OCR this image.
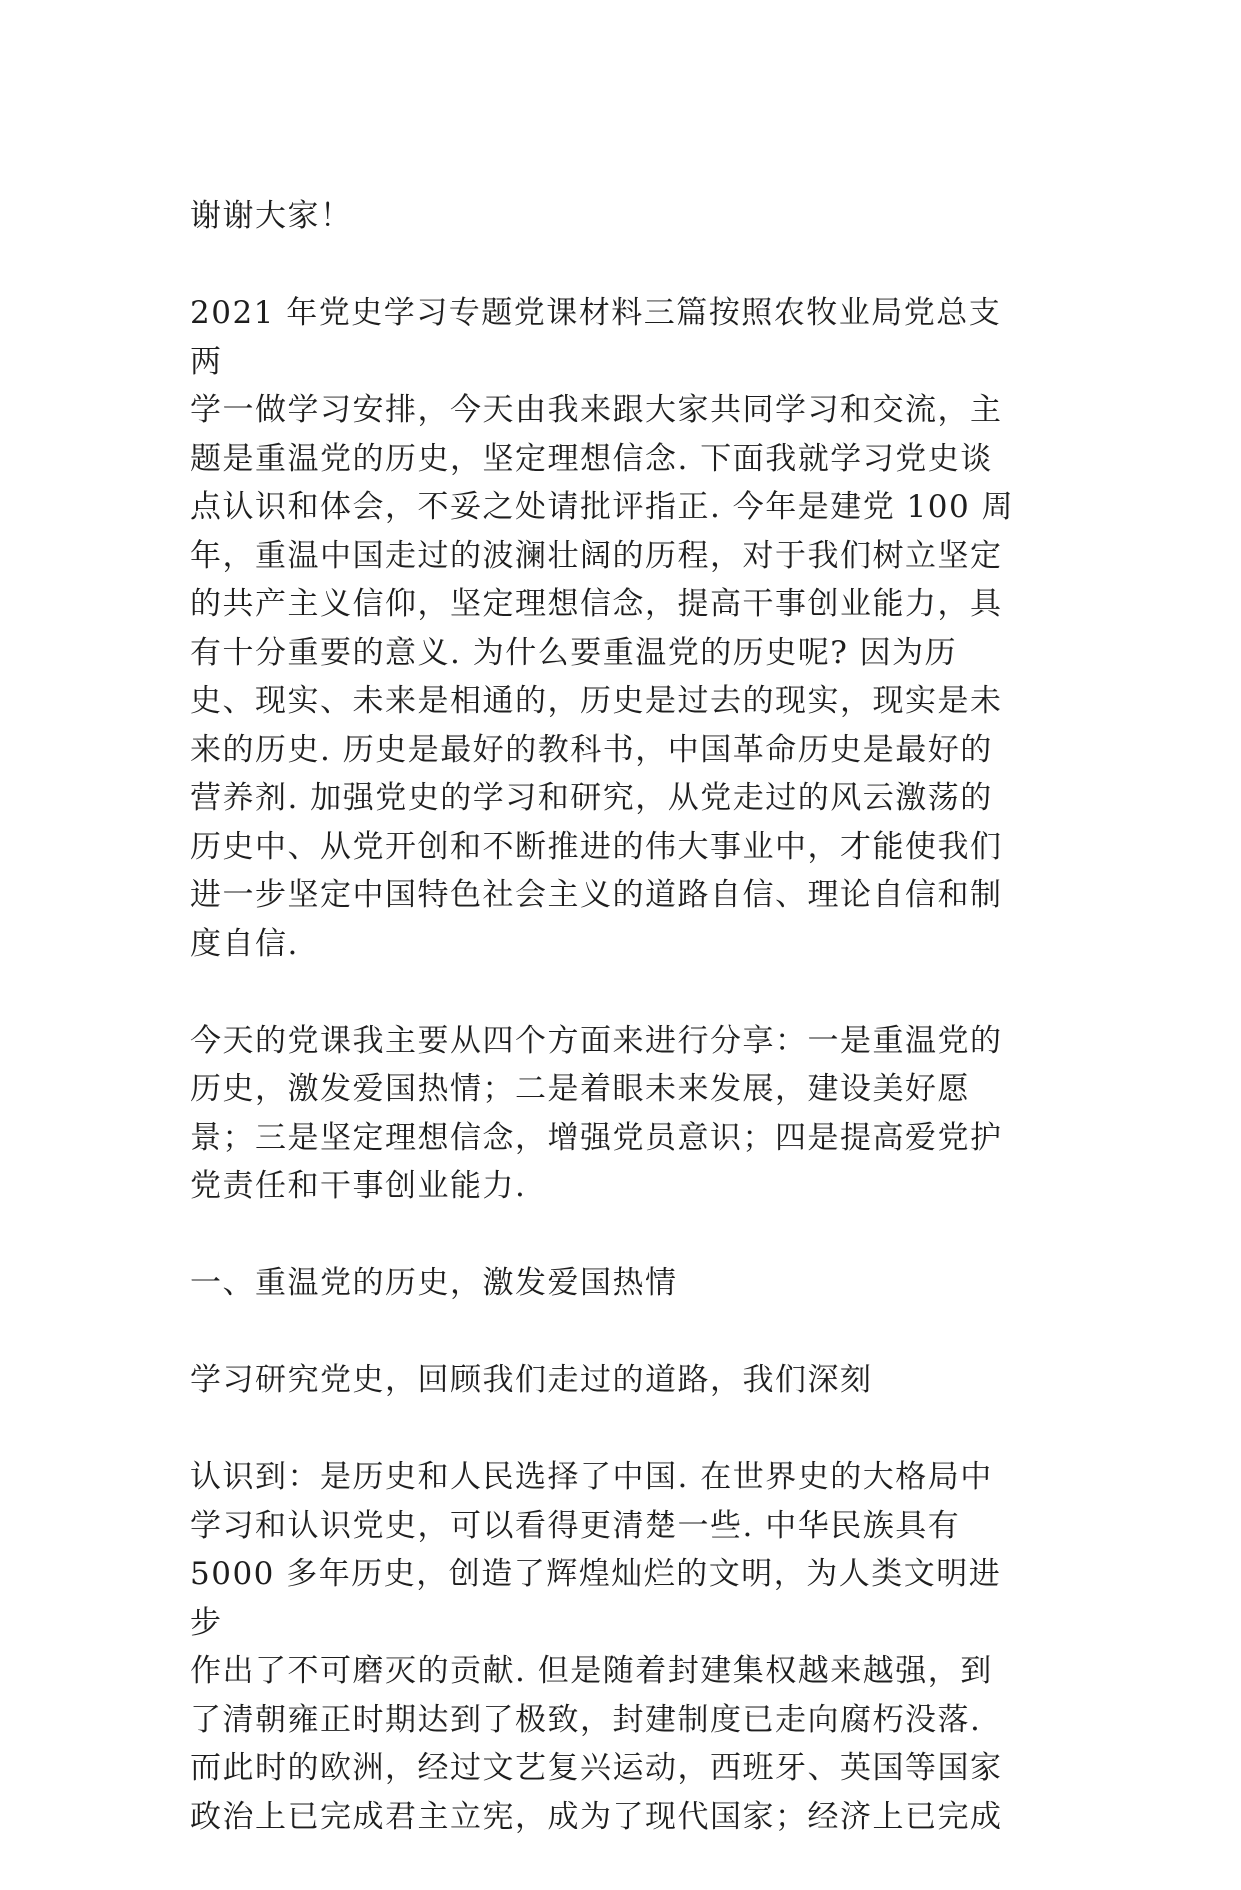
谢谢大家！

2021 年党史学习专题党课材料三篇按照农牧业局党总支两
学一做学习安排，今天由我来跟大家共同学习和交流，主
题是重温党的历史，坚定理想信念. 下面我就学习党史谈
点认识和体会，不妥之处请批评指正. 今年是建党 100 周
年，重温中国走过的波澜壮阔的历程，对于我们树立坚定
的共产主义信仰，坚定理想信念，提高干事创业能力，具
有十分重要的意义. 为什么要重温党的历史呢? 因为历
史、现实、未来是相通的，历史是过去的现实，现实是未
来的历史. 历史是最好的教科书，中国革命历史是最好的
营养剂. 加强党史的学习和研究，从党走过的风云激荡的
历史中、从党开创和不断推进的伟大事业中，才能使我们
进一步坚定中国特色社会主义的道路自信、理论自信和制
度自信.

今天的党课我主要从四个方面来进行分享：一是重温党的
历史，激发爱国热情；二是着眼未来发展，建设美好愿
景；三是坚定理想信念，增强党员意识；四是提高爱党护
党责任和干事创业能力.

一、重温党的历史，激发爱国热情

学习研究党史，回顾我们走过的道路，我们深刻

认识到：是历史和人民选择了中国. 在世界史的大格局中
学习和认识党史，可以看得更清楚一些. 中华民族具有
5000 多年历史，创造了辉煌灿烂的文明，为人类文明进步
作出了不可磨灭的贡献. 但是随着封建集权越来越强，到
了清朝雍正时期达到了极致，封建制度已走向腐朽没落.
而此时的欧洲，经过文艺复兴运动，西班牙、英国等国家
政治上已完成君主立宪，成为了现代国家；经济上已完成
